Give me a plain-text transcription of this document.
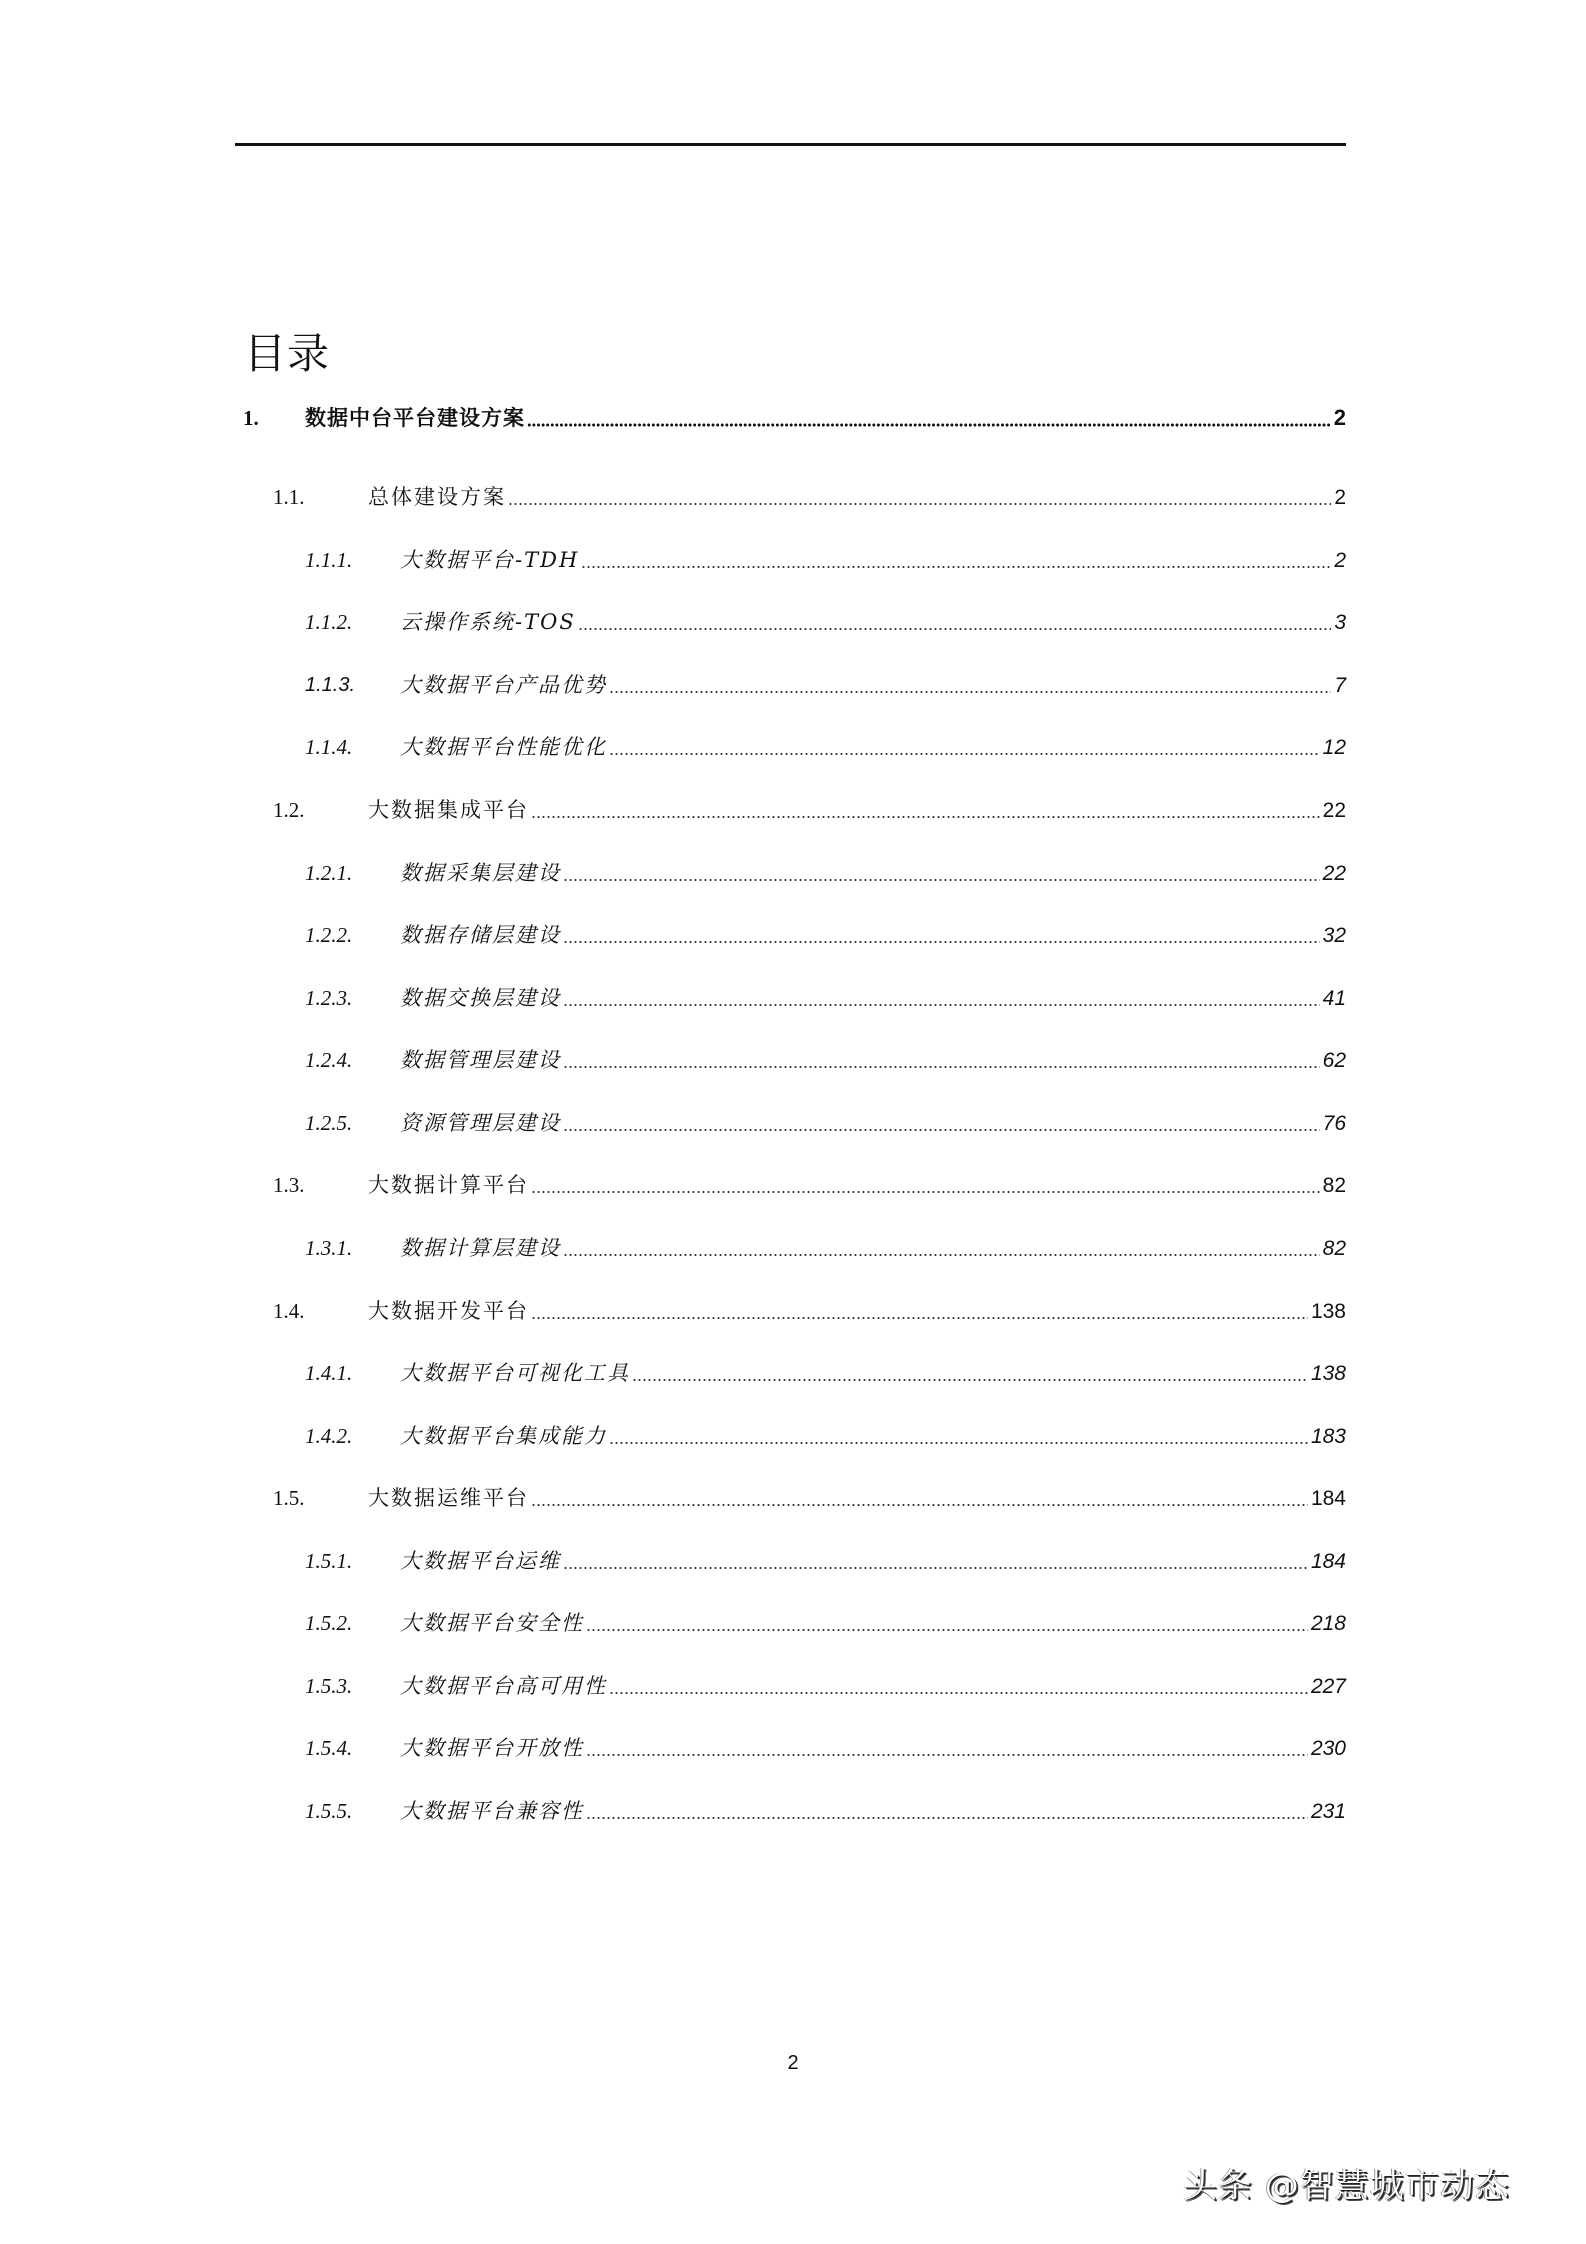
目录
1. 数据中台平台建设方案	2
1.1.	总体建设方案	2
1.1.1. 大数据平台-TDH	2
1.1.2. 云操作系统-TOS	3
1.1.3. 大数据平台产品优势	7
1.1.4. 大数据平台性能优化	12
1.2.	大数据集成平台	22
1.2.1. 数据采集层建设	22
1.2.2. 数据存储层建设	32
1.2.3. 数据交换层建设	41
1.2.4. 数据管理层建设	62
1.2.5. 资源管理层建设	76
1.3.	大数据计算平台	82
1.3.1. 数据计算层建设	82
1.4.	大数据开发平台	138
1.4.1. 大数据平台可视化工具	138
1.4.2. 大数据平台集成能力	183
1.5.	大数据运维平台	184
1.5.1. 大数据平台运维	184
1.5.2. 大数据平台安全性	218
1.5.3. 大数据平台高可用性	227
1.5.4. 大数据平台开放性	230
1.5.5. 大数据平台兼容性	231
2
头条 @智慧城市动态
